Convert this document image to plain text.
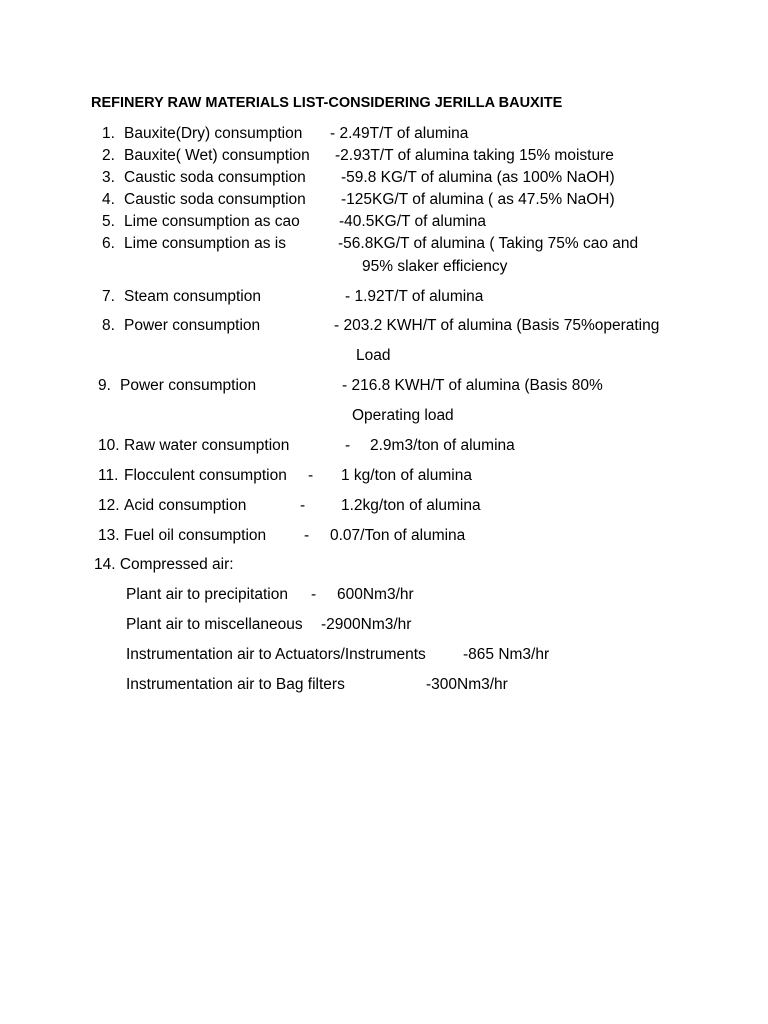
REFINERY RAW MATERIALS LIST-CONSIDERING JERILLA BAUXITE
1. Bauxite(Dry) consumption - 2.49T/T of alumina
2. Bauxite( Wet) consumption -2.93T/T of alumina taking 15% moisture
3. Caustic soda consumption -59.8 KG/T of alumina (as 100% NaOH)
4. Caustic soda consumption -125KG/T of alumina ( as 47.5% NaOH)
5. Lime consumption as cao	-40.5KG/T of alumina
6. Lime consumption as is	-56.8KG/T of alumina ( Taking 75% cao and
95% slaker efficiency
7. Steam consumption	- 1.92T/T of alumina
8. Power consumption	- 203.2 KWH/T of alumina (Basis 75%operating
Load
9. Power consumption	- 216.8 KWH/T of alumina (Basis 80%
Operating load
10. Raw water consumption	- 2.9m3/ton of alumina
11. Flocculent consumption - 1 kg/ton of alumina
12. Acid consumption	- 1.2kg/ton of alumina
13. Fuel oil consumption - 0.07/Ton of alumina
14. Compressed air:
Plant air to precipitation - 600Nm3/hr
Plant air to miscellaneous -2900Nm3/hr
Instrumentation air to Actuators/Instruments -865 Nm3/hr
Instrumentation air to Bag filters	-300Nm3/hr
